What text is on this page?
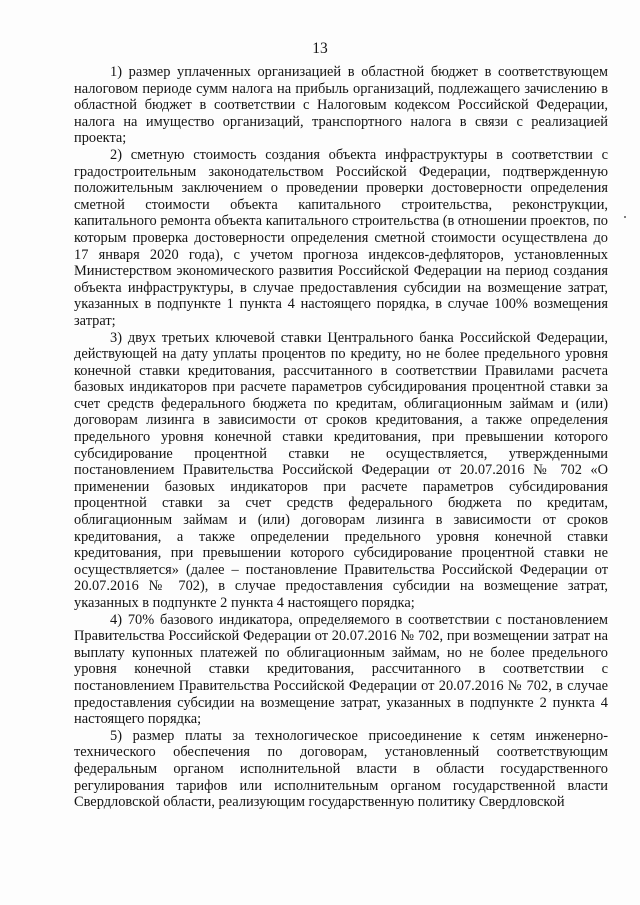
13

1) размер уплаченных организацией в областной бюджет в соответствующем налоговом периоде сумм налога на прибыль организаций, подлежащего зачислению в областной бюджет в соответствии с Налоговым кодексом Российской Федерации, налога на имущество организаций, транспортного налога в связи с реализацией проекта;

2) сметную стоимость создания объекта инфраструктуры в соответствии с градостроительным законодательством Российской Федерации, подтвержденную положительным заключением о проведении проверки достоверности определения сметной стоимости объекта капитального строительства, реконструкции, капитального ремонта объекта капитального строительства (в отношении проектов, по которым проверка достоверности определения сметной стоимости осуществлена до 17 января 2020 года), с учетом прогноза индексов-дефляторов, установленных Министерством экономического развития Российской Федерации на период создания объекта инфраструктуры, в случае предоставления субсидии на возмещение затрат, указанных в подпункте 1 пункта 4 настоящего порядка, в случае 100% возмещения затрат;

3) двух третьих ключевой ставки Центрального банка Российской Федерации, действующей на дату уплаты процентов по кредиту, но не более предельного уровня конечной ставки кредитования, рассчитанного в соответствии Правилами расчета базовых индикаторов при расчете параметров субсидирования процентной ставки за счет средств федерального бюджета по кредитам, облигационным займам и (или) договорам лизинга в зависимости от сроков кредитования, а также определения предельного уровня конечной ставки кредитования, при превышении которого субсидирование процентной ставки не осуществляется, утвержденными постановлением Правительства Российской Федерации от 20.07.2016 № 702 «О применении базовых индикаторов при расчете параметров субсидирования процентной ставки за счет средств федерального бюджета по кредитам, облигационным займам и (или) договорам лизинга в зависимости от сроков кредитования, а также определении предельного уровня конечной ставки кредитования, при превышении которого субсидирование процентной ставки не осуществляется» (далее – постановление Правительства Российской Федерации от 20.07.2016 № 702), в случае предоставления субсидии на возмещение затрат, указанных в подпункте 2 пункта 4 настоящего порядка;

4) 70% базового индикатора, определяемого в соответствии с постановлением Правительства Российской Федерации от 20.07.2016 № 702, при возмещении затрат на выплату купонных платежей по облигационным займам, но не более предельного уровня конечной ставки кредитования, рассчитанного в соответствии с постановлением Правительства Российской Федерации от 20.07.2016 № 702, в случае предоставления субсидии на возмещение затрат, указанных в подпункте 2 пункта 4 настоящего порядка;

5) размер платы за технологическое присоединение к сетям инженерно-технического обеспечения по договорам, установленный соответствующим федеральным органом исполнительной власти в области государственного регулирования тарифов или исполнительным органом государственной власти Свердловской области, реализующим государственную политику Свердловской
